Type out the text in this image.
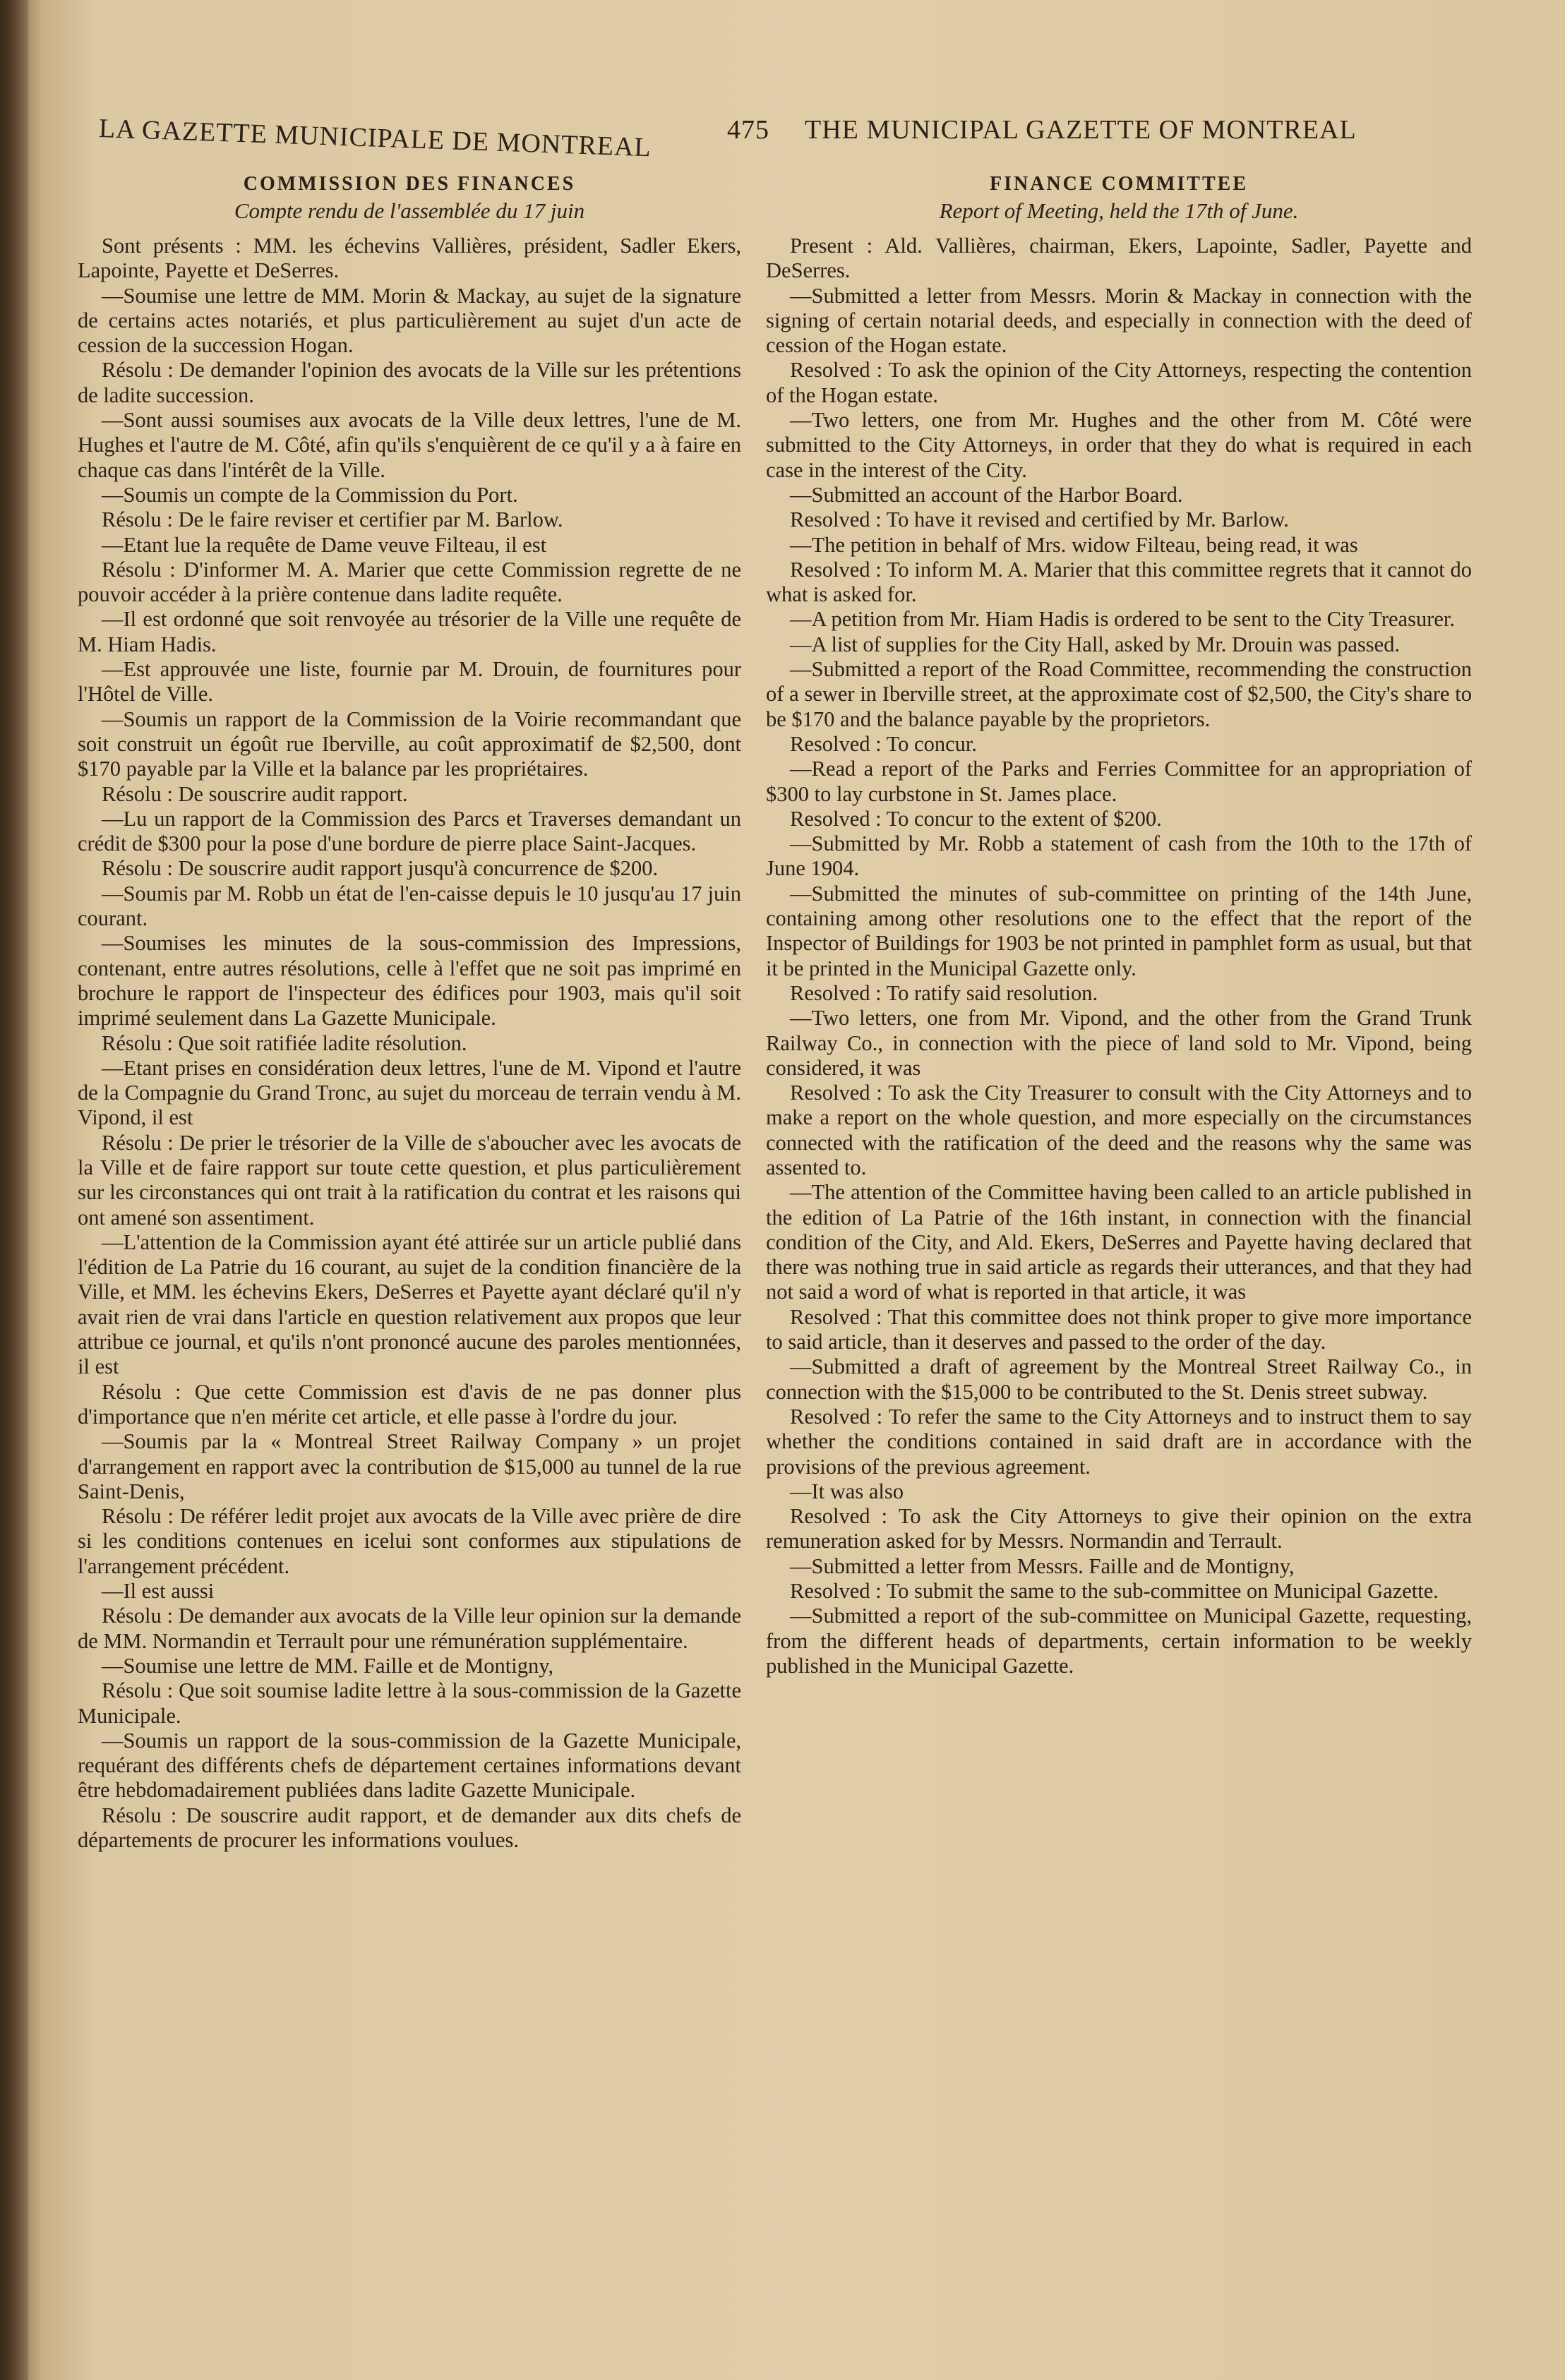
LA GAZETTE MUNICIPALE DE MONTREAL	475 THE MUNICIPAL GAZETTE OF MONTREAL
COMMISSION DES FINANCES
Compte rendu de l'assemblée du 17 juin

Sont présents : MM. les échevins Vallières, président, Sadler Ekers, Lapointe, Payette et DeSerres.

—Soumise une lettre de MM. Morin & Mackay, au sujet de la signature de certains actes notariés, et plus particulièrement au sujet d'un acte de cession de la succession Hogan.

Résolu : De demander l'opinion des avocats de la Ville sur les prétentions de ladite succession.

—Sont aussi soumises aux avocats de la Ville deux lettres, l'une de M. Hughes et l'autre de M. Côté, afin qu'ils s'enquièrent de ce qu'il y a à faire en chaque cas dans l'intérêt de la Ville.

—Soumis un compte de la Commission du Port.

Résolu : De le faire reviser et certifier par M. Barlow.

—Etant lue la requête de Dame veuve Filteau, il est

Résolu : D'informer M. A. Marier que cette Commission regrette de ne pouvoir accéder à la prière contenue dans ladite requête.

—Il est ordonné que soit renvoyée au trésorier de la Ville une requête de M. Hiam Hadis.

—Est approuvée une liste, fournie par M. Drouin, de fournitures pour l'Hôtel de Ville.

—Soumis un rapport de la Commission de la Voirie recommandant que soit construit un égoût rue Iberville, au coût approximatif de $2,500, dont $170 payable par la Ville et la balance par les propriétaires.

Résolu : De souscrire audit rapport.

—Lu un rapport de la Commission des Parcs et Traverses demandant un crédit de $300 pour la pose d'une bordure de pierre place Saint-Jacques.

Résolu : De souscrire audit rapport jusqu'à concurrence de $200.

—Soumis par M. Robb un état de l'en-caisse depuis le 10 jusqu'au 17 juin courant.

—Soumises les minutes de la sous-commission des Impressions, contenant, entre autres résolutions, celle à l'effet que ne soit pas imprimé en brochure le rapport de l'inspecteur des édifices pour 1903, mais qu'il soit imprimé seulement dans La Gazette Municipale.

Résolu : Que soit ratifiée ladite résolution.

—Etant prises en considération deux lettres, l'une de M. Vipond et l'autre de la Compagnie du Grand Tronc, au sujet du morceau de terrain vendu à M. Vipond, il est

Résolu : De prier le trésorier de la Ville de s'aboucher avec les avocats de la Ville et de faire rapport sur toute cette question, et plus particulièrement sur les circonstances qui ont trait à la ratification du contrat et les raisons qui ont amené son assentiment.

—L'attention de la Commission ayant été attirée sur un article publié dans l'édition de La Patrie du 16 courant, au sujet de la condition financière de la Ville, et MM. les échevins Ekers, DeSerres et Payette ayant déclaré qu'il n'y avait rien de vrai dans l'article en question relativement aux propos que leur attribue ce journal, et qu'ils n'ont prononcé aucune des paroles mentionnées, il est

Résolu : Que cette Commission est d'avis de ne pas donner plus d'importance que n'en mérite cet article, et elle passe à l'ordre du jour.

—Soumis par la « Montreal Street Railway Company » un projet d'arrangement en rapport avec la contribution de $15,000 au tunnel de la rue Saint-Denis,

Résolu : De référer ledit projet aux avocats de la Ville avec prière de dire si les conditions contenues en icelui sont conformes aux stipulations de l'arrangement précédent.

—Il est aussi

Résolu : De demander aux avocats de la Ville leur opinion sur la demande de MM. Normandin et Terrault pour une rémunération supplémentaire.

—Soumise une lettre de MM. Faille et de Montigny,

Résolu : Que soit soumise ladite lettre à la sous-commission de la Gazette Municipale.

—Soumis un rapport de la sous-commission de la Gazette Municipale, requérant des différents chefs de département certaines informations devant être hebdomadairement publiées dans ladite Gazette Municipale.

Résolu : De souscrire audit rapport, et de demander aux dits chefs de départements de procurer les informations voulues.

FINANCE COMMITTEE
Report of Meeting, held the 17th of June.

Present : Ald. Vallières, chairman, Ekers, Lapointe, Sadler, Payette and DeSerres.

—Submitted a letter from Messrs. Morin & Mackay in connection with the signing of certain notarial deeds, and especially in connection with the deed of cession of the Hogan estate.

Resolved : To ask the opinion of the City Attorneys, respecting the contention of the Hogan estate.

—Two letters, one from Mr. Hughes and the other from M. Côté were submitted to the City Attorneys, in order that they do what is required in each case in the interest of the City.

—Submitted an account of the Harbor Board.

Resolved : To have it revised and certified by Mr. Barlow.

—The petition in behalf of Mrs. widow Filteau, being read, it was

Resolved : To inform M. A. Marier that this committee regrets that it cannot do what is asked for.

—A petition from Mr. Hiam Hadis is ordered to be sent to the City Treasurer.

—A list of supplies for the City Hall, asked by Mr. Drouin was passed.

—Submitted a report of the Road Committee, recommending the construction of a sewer in Iberville street, at the approximate cost of $2,500, the City's share to be $170 and the balance payable by the proprietors.

Resolved : To concur.

—Read a report of the Parks and Ferries Committee for an appropriation of $300 to lay curbstone in St. James place.

Resolved : To concur to the extent of $200.

—Submitted by Mr. Robb a statement of cash from the 10th to the 17th of June 1904.

—Submitted the minutes of sub-committee on printing of the 14th June, containing among other resolutions one to the effect that the report of the Inspector of Buildings for 1903 be not printed in pamphlet form as usual, but that it be printed in the Municipal Gazette only.

Resolved : To ratify said resolution.

—Two letters, one from Mr. Vipond, and the other from the Grand Trunk Railway Co., in connection with the piece of land sold to Mr. Vipond, being considered, it was

Resolved : To ask the City Treasurer to consult with the City Attorneys and to make a report on the whole question, and more especially on the circumstances connected with the ratification of the deed and the reasons why the same was assented to.

—The attention of the Committee having been called to an article published in the edition of La Patrie of the 16th instant, in connection with the financial condition of the City, and Ald. Ekers, DeSerres and Payette having declared that there was nothing true in said article as regards their utterances, and that they had not said a word of what is reported in that article, it was

Resolved : That this committee does not think proper to give more importance to said article, than it deserves and passed to the order of the day.

—Submitted a draft of agreement by the Montreal Street Railway Co., in connection with the $15,000 to be contributed to the St. Denis street subway.

Resolved : To refer the same to the City Attorneys and to instruct them to say whether the conditions contained in said draft are in accordance with the provisions of the previous agreement.

—It was also

Resolved : To ask the City Attorneys to give their opinion on the extra remuneration asked for by Messrs. Normandin and Terrault.

—Submitted a letter from Messrs. Faille and de Montigny,

Resolved : To submit the same to the sub-committee on Municipal Gazette.

—Submitted a report of the sub-committee on Municipal Gazette, requesting, from the different heads of departments, certain information to be weekly published in the Municipal Gazette.
